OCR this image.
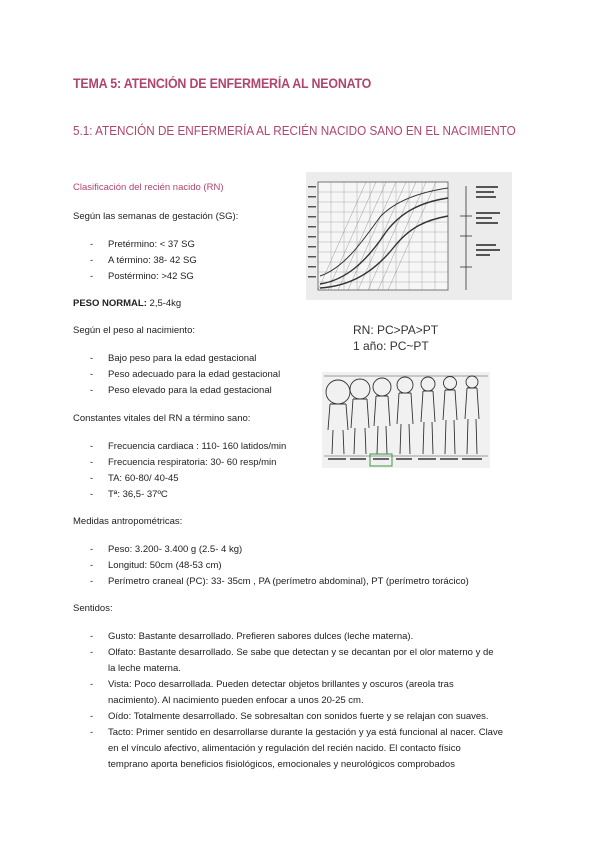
TEMA 5: ATENCIÓN DE ENFERMERÍA AL NEONATO
5.1: ATENCIÓN DE ENFERMERÍA AL RECIÉN NACIDO SANO EN EL NACIMIENTO
Clasificación del recién nacido (RN)
Según las semanas de gestación (SG):
- Pretérmino: < 37 SG
- A término: 38- 42 SG
- Postérmino: >42 SG
PESO NORMAL: 2,5-4kg
Según el peso al nacimiento:
- Bajo peso para la edad gestacional
- Peso adecuado para la edad gestacional
- Peso elevado para la edad gestacional
Constantes vitales del RN a término sano:
- Frecuencia cardiaca : 110- 160 latidos/min
- Frecuencia respiratoria: 30- 60 resp/min
- TA: 60-80/ 40-45
- Tª: 36,5- 37ºC
Medidas antropométricas:
- Peso: 3.200- 3.400 g (2.5- 4 kg)
- Longitud: 50cm (48-53 cm)
- Perímetro craneal (PC): 33- 35cm , PA (perímetro abdominal), PT (perímetro torácico)
Sentidos:
- Gusto: Bastante desarrollado. Prefieren sabores dulces (leche materna).
- Olfato: Bastante desarrollado. Se sabe que detectan y se decantan por el olor materno y de
la leche materna.
- Vista: Poco desarrollada. Pueden detectar objetos brillantes y oscuros (areola tras
nacimiento). Al nacimiento pueden enfocar a unos 20-25 cm.
- Oído: Totalmente desarrollado. Se sobresaltan con sonidos fuerte y se relajan con suaves.
- Tacto: Primer sentido en desarrollarse durante la gestación y ya está funcional al nacer. Clave
en el vínculo afectivo, alimentación y regulación del recién nacido. El contacto físico
temprano aporta beneficios fisiológicos, emocionales y neurológicos comprobados
RN: PC>PA>PT
1 año: PC~PT
